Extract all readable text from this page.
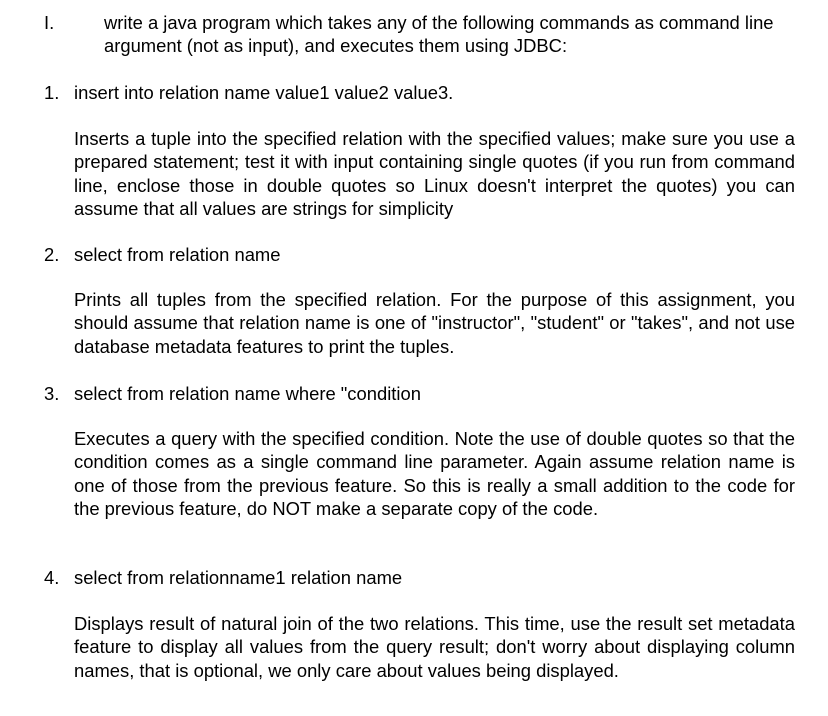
I.	write a java program which takes any of the following commands as command line argument (not as input), and executes them using JDBC:
1. insert into relation name value1 value2 value3.
Inserts a tuple into the specified relation with the specified values; make sure you use a prepared statement; test it with input containing single quotes (if you run from command line, enclose those in double quotes so Linux doesn't interpret the quotes) you can assume that all values are strings for simplicity
2. select from relation name
Prints all tuples from the specified relation. For the purpose of this assignment, you should assume that relation name is one of "instructor", "student" or "takes", and not use database metadata features to print the tuples.
3. select from relation name where "condition
Executes a query with the specified condition. Note the use of double quotes so that the condition comes as a single command line parameter. Again assume relation name is one of those from the previous feature. So this is really a small addition to the code for the previous feature, do NOT make a separate copy of the code.
4. select from relationname1 relation name
Displays result of natural join of the two relations. This time, use the result set metadata feature to display all values from the query result; don't worry about displaying column names, that is optional, we only care about values being displayed.
